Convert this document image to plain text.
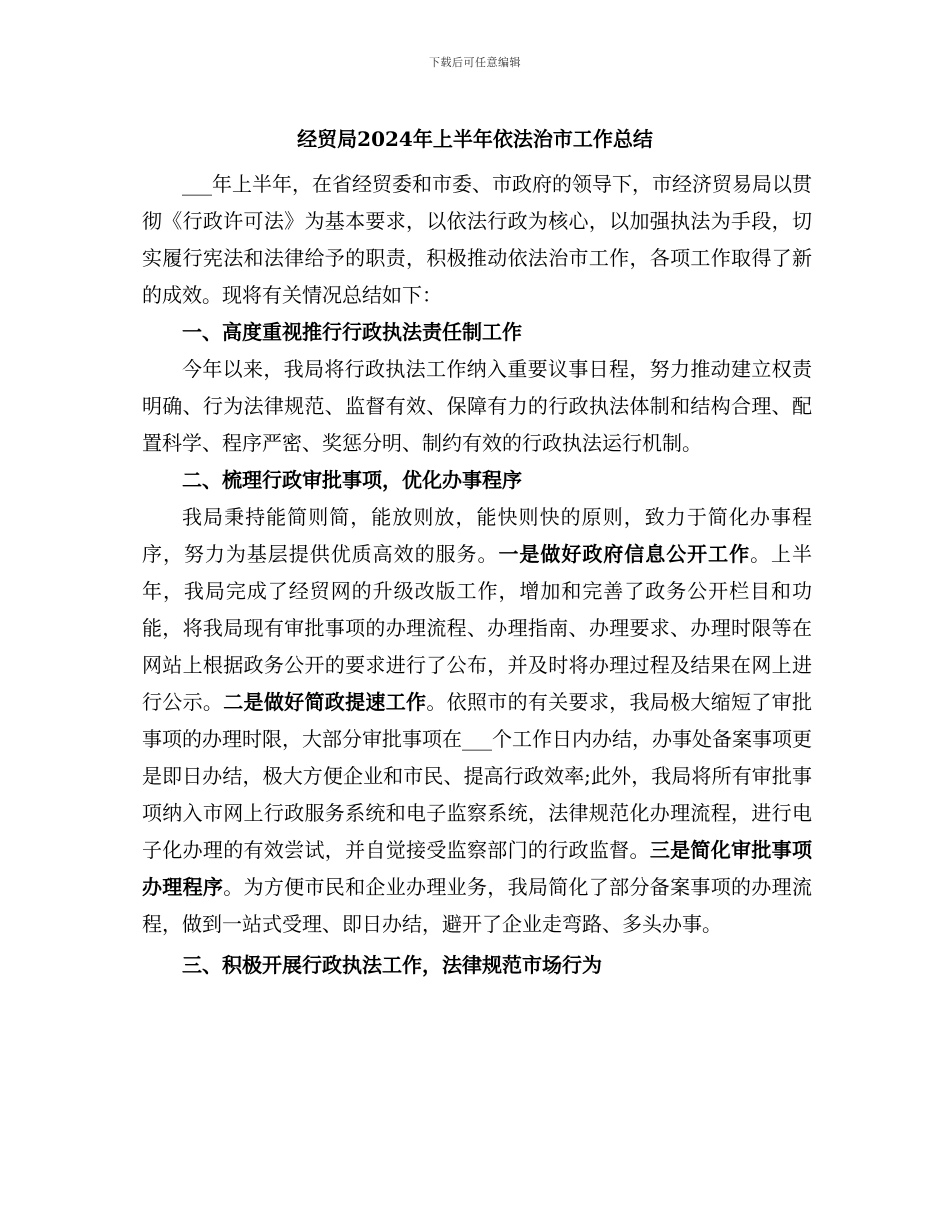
下载后可任意编辑
经贸局2024年上半年依法治市工作总结

___年上半年，在省经贸委和市委、市政府的领导下，市经济贸易局以贯彻《行政许可法》为基本要求，以依法行政为核心，以加强执法为手段，切实履行宪法和法律给予的职责，积极推动依法治市工作，各项工作取得了新的成效。现将有关情况总结如下：

一、高度重视推行行政执法责任制工作

今年以来，我局将行政执法工作纳入重要议事日程，努力推动建立权责明确、行为法律规范、监督有效、保障有力的行政执法体制和结构合理、配置科学、程序严密、奖惩分明、制约有效的行政执法运行机制。

二、梳理行政审批事项，优化办事程序

我局秉持能简则简，能放则放，能快则快的原则，致力于简化办事程序，努力为基层提供优质高效的服务。一是做好政府信息公开工作。上半年，我局完成了经贸网的升级改版工作，增加和完善了政务公开栏目和功能，将我局现有审批事项的办理流程、办理指南、办理要求、办理时限等在网站上根据政务公开的要求进行了公布，并及时将办理过程及结果在网上进行公示。二是做好简政提速工作。依照市的有关要求，我局极大缩短了审批事项的办理时限，大部分审批事项在___个工作日内办结，办事处备案事项更是即日办结，极大方便企业和市民、提高行政效率;此外，我局将所有审批事项纳入市网上行政服务系统和电子监察系统，法律规范化办理流程，进行电子化办理的有效尝试，并自觉接受监察部门的行政监督。三是简化审批事项办理程序。为方便市民和企业办理业务，我局简化了部分备案事项的办理流程，做到一站式受理、即日办结，避开了企业走弯路、多头办事。

三、积极开展行政执法工作，法律规范市场行为
